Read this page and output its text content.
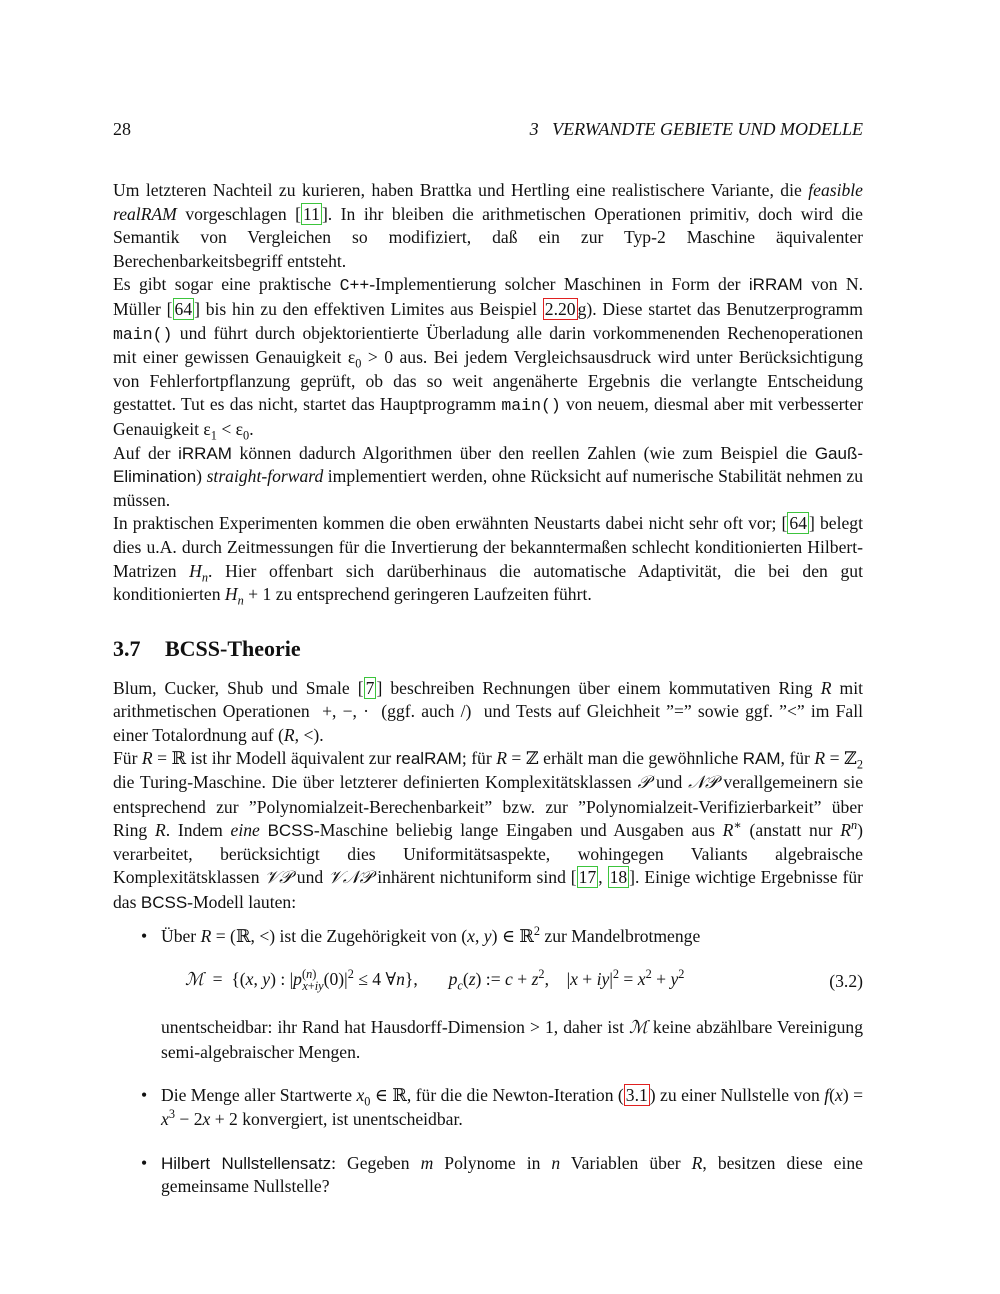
28	3   VERWANDTE GEBIETE UND MODELLE

Um letzteren Nachteil zu kurieren, haben Brattka und Hertling eine realistischere Variante, die feasible realRAM vorgeschlagen [ 11 ]. In ihr bleiben die arithmetischen Operationen primitiv, doch wird die Semantik von Vergleichen so modifiziert, daß ein zur Typ-2 Maschine äquivalenter Berechenbarkeitsbegriff entsteht.

Es gibt sogar eine praktische C++-Implementierung solcher Maschinen in Form der iRRAM von N. Müller [ 64 ] bis hin zu den effektiven Limites aus Beispiel 2.20 g). Diese startet das Benutzerprogramm main() und führt durch objektorientierte Überladung alle darin vorkommenenden Rechenoperationen mit einer gewissen Genauigkeit $\varepsilon_0 > 0$ aus. Bei jedem Vergleichsausdruck wird unter Berücksichtigung von Fehlerfortpflanzung geprüft, ob das so weit angenäherte Ergebnis die verlangte Entscheidung gestattet. Tut es das nicht, startet das Hauptprogramm main() von neuem, diesmal aber mit verbesserter Genauigkeit $\varepsilon_1 < \varepsilon_0$.

Auf der iRRAM können dadurch Algorithmen über den reellen Zahlen (wie zum Beispiel die Gauß-Elimination) straight-forward implementiert werden, ohne Rücksicht auf numerische Stabilität nehmen zu müssen.

In praktischen Experimenten kommen die oben erwähnten Neustarts dabei nicht sehr oft vor; [ 64 ] belegt dies u.A. durch Zeitmessungen für die Invertierung der bekanntermaßen schlecht konditionierten Hilbert-Matrizen $H_n$. Hier offenbart sich darüberhinaus die automatische Adaptivität, die bei den gut konditionierten $H_n + 1$ zu entsprechend geringeren Laufzeiten führt.

3.7 BCSS-Theorie

Blum, Cucker, Shub und Smale [ 7 ] beschreiben Rechnungen über einem kommutativen Ring R mit arithmetischen Operationen  +, −, ·  (ggf. auch /)  und Tests auf Gleichheit ”=” sowie ggf. ”<” im Fall einer Totalordnung auf (R, <).

Für R = ℝ ist ihr Modell äquivalent zur realRAM; für R = ℤ erhält man die gewöhnliche RAM, für R = ℤ$_2$ die Turing-Maschine. Die über letzterer definierten Komplexitätsklassen 𝒫 und 𝒩𝒫 verallgemeinern sie entsprechend zur ”Polynomialzeit-Berechenbarkeit” bzw. zur ”Polynomialzeit-Verifizierbarkeit” über Ring R. Indem eine BCSS-Maschine beliebig lange Eingaben und Ausgaben aus R∗ (anstatt nur $R^n$) verarbeitet, berücksichtigt dies Uniformitätsaspekte, wohingegen Valiants algebraische Komplexitätsklassen 𝒱𝒫 und 𝒱𝒩𝒫 inhärent nichtuniform sind [ 17 , 18 ]. Einige wichtige Ergebnisse für das BCSS-Modell lauten:

• Über R = (ℝ, <) ist die Zugehörigkeit von (x, y) ∈ ℝ$^2$ zur Mandelbrotmenge
ℳ  =  {(x, y) : $|p^{(n)}_{x+iy}(0)|^2 \le 4$ ∀n},       $p_c(z)$ := $c + z^2$,    $|x + iy|^2 = x^2 + y^2$	(3.2)
unentscheidbar: ihr Rand hat Hausdorff-Dimension > 1, daher ist ℳ keine abzählbare Vereinigung semi-algebraischer Mengen.
• Die Menge aller Startwerte $x_0$ ∈ ℝ, für die die Newton-Iteration ( 3.1 ) zu einer Nullstelle von $f(x) = x^3 - 2x + 2$ konvergiert, ist unentscheidbar.
• Hilbert Nullstellensatz: Gegeben m Polynome in n Variablen über R, besitzen diese eine gemeinsame Nullstelle?
